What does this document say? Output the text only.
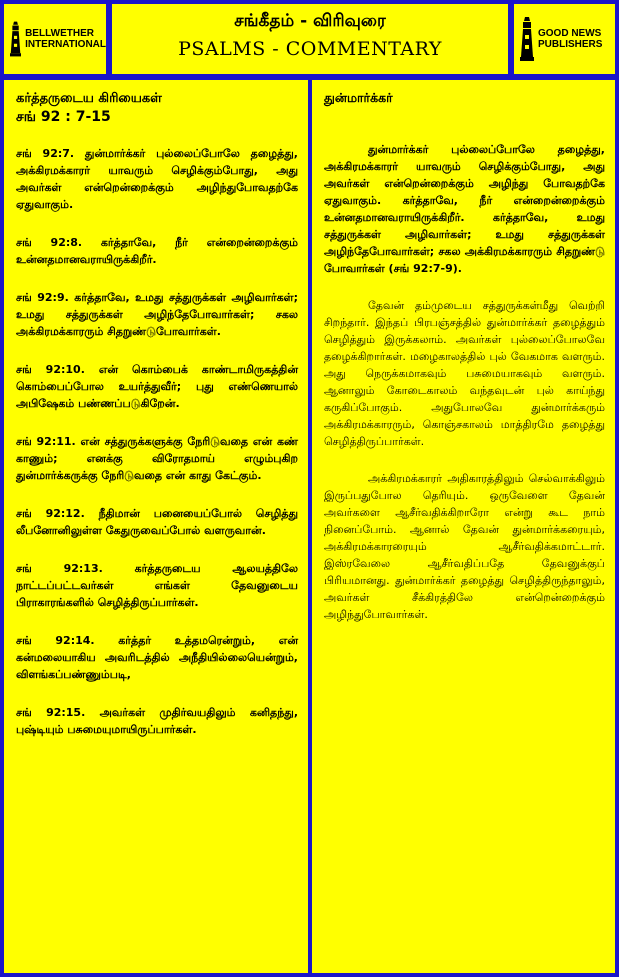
BELLWETHER
INTERNATIONAL
சங்கீதம் - விரிவுரை
PSALMS - COMMENTARY
GOOD NEWS
PUBLISHERS
கர்த்தருடைய கிரியைகள்
சங் 92 : 7-15

சங் 92:7. துன்மார்க்கர் புல்லைப்போலே தழைத்து, அக்கிரமக்காரர் யாவரும் செழிக்கும்போது, அது அவர்கள் என்றென்றைக்கும் அழிந்துபோவதற்கே ஏதுவாகும்.

சங் 92:8. கர்த்தாவே, நீர் என்றைன்றைக்கும் உன்னதமானவராயிருக்கிறீர்.

சங் 92:9. கர்த்தாவே, உமது சத்துருக்கள் அழிவார்கள்; உமது சத்துருக்கள் அழிந்தேபோவார்கள்; சகல அக்கிரமக்காரரும் சிதறுண்டுபோவார்கள்.

சங் 92:10. என் கொம்பைக் காண்டாமிருகத்தின் கொம்பைப்போல உயர்த்துவீர்; புது எண்ணெயால் அபிஷேகம் பண்ணப்படுகிறேன்.

சங் 92:11. என் சத்துருக்களுக்கு நேரிடுவதை என் கண் காணும்; எனக்கு விரோதமாய் எழும்புகிற துன்மார்க்கருக்கு நேரிடுவதை என் காது கேட்கும்.

சங் 92:12. நீதிமான் பனையைப்போல் செழித்து லீபனோனிலுள்ள கேதுருவைப்போல் வளருவான்.

சங் 92:13. கர்த்தருடைய ஆலயத்திலே நாட்டப்பட்டவர்கள் எங்கள் தேவனுடைய பிராகாரங்களில் செழித்திருப்பார்கள்.

சங் 92:14. கர்த்தர் உத்தமரென்றும், என் கன்மலையாகிய அவரிடத்தில் அநீதியில்லையென்றும், விளங்கப்பண்ணும்படி,

சங் 92:15. அவர்கள் முதிர்வயதிலும் கனிதந்து, புஷ்டியும் பசுமையுமாயிருப்பார்கள்.

துன்மார்க்கர்

துன்மார்க்கர் புல்லைப்போலே தழைத்து, அக்கிரமக்காரர் யாவரும் செழிக்கும்போது, அது அவர்கள் என்றென்றைக்கும் அழிந்து போவதற்கே ஏதுவாகும். கர்த்தாவே, நீர் என்றைன்றைக்கும் உன்னதமானவராயிருக்கிறீர். கர்த்தாவே, உமது சத்துருக்கள் அழிவார்கள்; உமது சத்துருக்கள் அழிந்தேபோவார்கள்; சகல அக்கிரமக்காரரும் சிதறுண்டு போவார்கள் (சங் 92:7-9).

தேவன் தம்முடைய சத்துருக்கள்மீது வெற்றி சிறந்தார். இந்தப் பிரபஞ்சத்தில் துன்மார்க்கர் தழைத்தும் செழித்தும் இருக்கலாம். அவர்கள் புல்லைப்போலவே தழைக்கிறார்கள். மழைகாலத்தில் புல் வேகமாக வளரும். அது நெருக்கமாகவும் பசுமையாகவும் வளரும். ஆனாலும் கோடைகாலம் வந்தவுடன் புல் காய்ந்து கருகிப்போகும். அதுபோலவே துன்மார்க்கரும் அக்கிரமக்காரரும், கொஞ்சகாலம் மாத்திரமே தழைத்து செழித்திருப்பார்கள்.

அக்கிரமக்காரர் அதிகாரத்திலும் செல்வாக்கிலும் இருப்பதுபோல தெரியும். ஒருவேளை தேவன் அவர்களை ஆசீர்வதிக்கிறாரோ என்று கூட நாம் நினைப்போம். ஆனால் தேவன் துன்மார்க்கரையும், அக்கிரமக்காரரையும் ஆசீர்வதிக்கமாட்டார். இஸ்ரவேலை ஆசீர்வதிப்பதே தேவனுக்குப் பிரியமானது. துன்மார்க்கர் தழைத்து செழித்திருந்தாலும், அவர்கள் சீக்கிரத்திலே என்றென்றைக்கும் அழிந்துபோவார்கள்.
